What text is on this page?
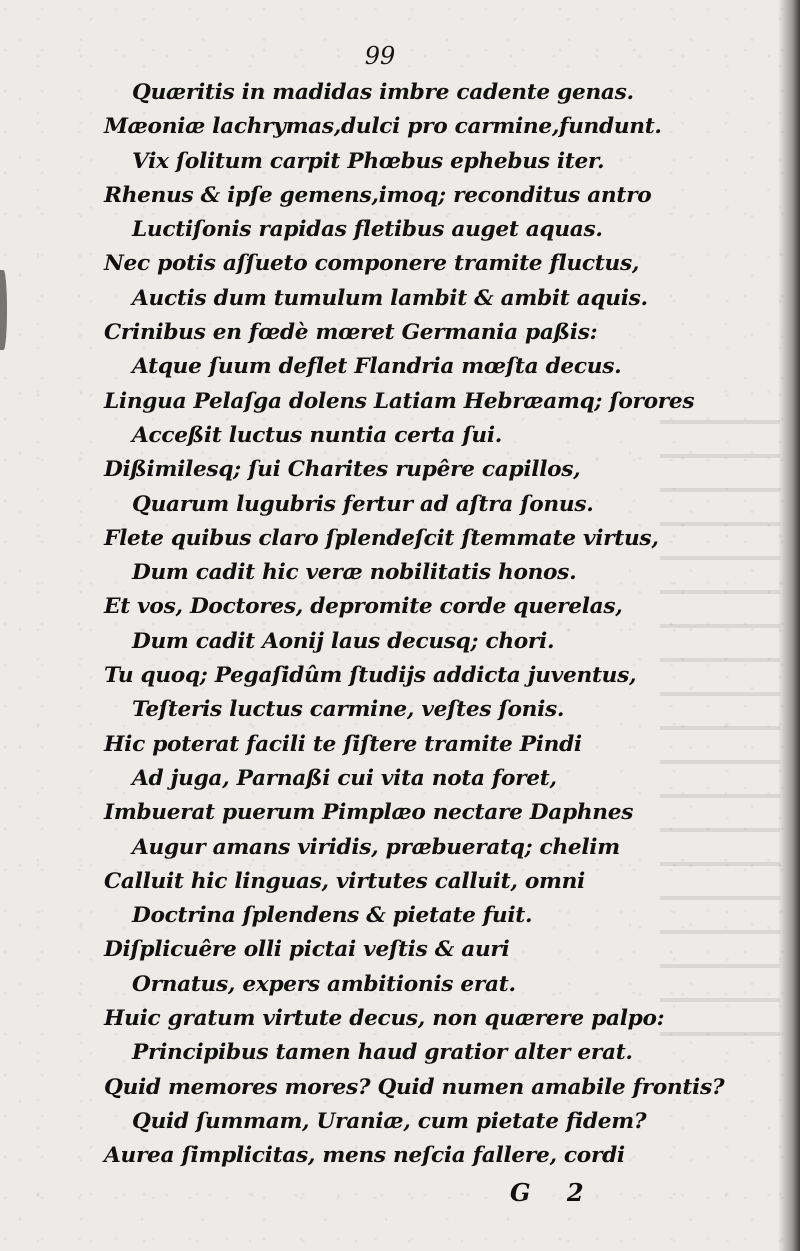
99
Quæritis in madidas imbre cadente genas.
Mæoniæ lachrymas,dulci pro carmine,fundunt.
Vix ſolitum carpit Phœbus ephebus iter.
Rhenus & ipſe gemens,imoq; reconditus antro
Luctiſonis rapidas fletibus auget aquas.
Nec potis aſſueto componere tramite fluctus,
Auctis dum tumulum lambit & ambit aquis.
Crinibus en fœdè mœret Germania paßis:
Atque ſuum deflet Flandria mœſta decus.
Lingua Pelaſga dolens Latiam Hebræamq; ſorores
Acceßit luctus nuntia certa ſui.
Dißimilesq; ſui Charites rupêre capillos,
Quarum lugubris fertur ad aſtra ſonus.
Flete quibus claro ſplendeſcit ſtemmate virtus,
Dum cadit hic veræ nobilitatis honos.
Et vos, Doctores, depromite corde querelas,
Dum cadit Aonij laus decusq; chori.
Tu quoq; Pegaſidûm ſtudijs addicta juventus,
Teſteris luctus carmine, veſtes ſonis.
Hic poterat facili te ſiſtere tramite Pindi
Ad juga, Parnaßi cui vita nota foret,
Imbuerat puerum Pimplæo nectare Daphnes
Augur amans viridis, præbueratq; chelim
Calluit hic linguas, virtutes calluit, omni
Doctrina ſplendens & pietate fuit.
Diſplicuêre olli pictai veſtis & auri
Ornatus, expers ambitionis erat.
Huic gratum virtute decus, non quærere palpo:
Principibus tamen haud gratior alter erat.
Quid memores mores? Quid numen amabile frontis?
Quid ſummam, Uraniæ, cum pietate fidem?
Aurea ſimplicitas, mens neſcia fallere, cordi
G 2
